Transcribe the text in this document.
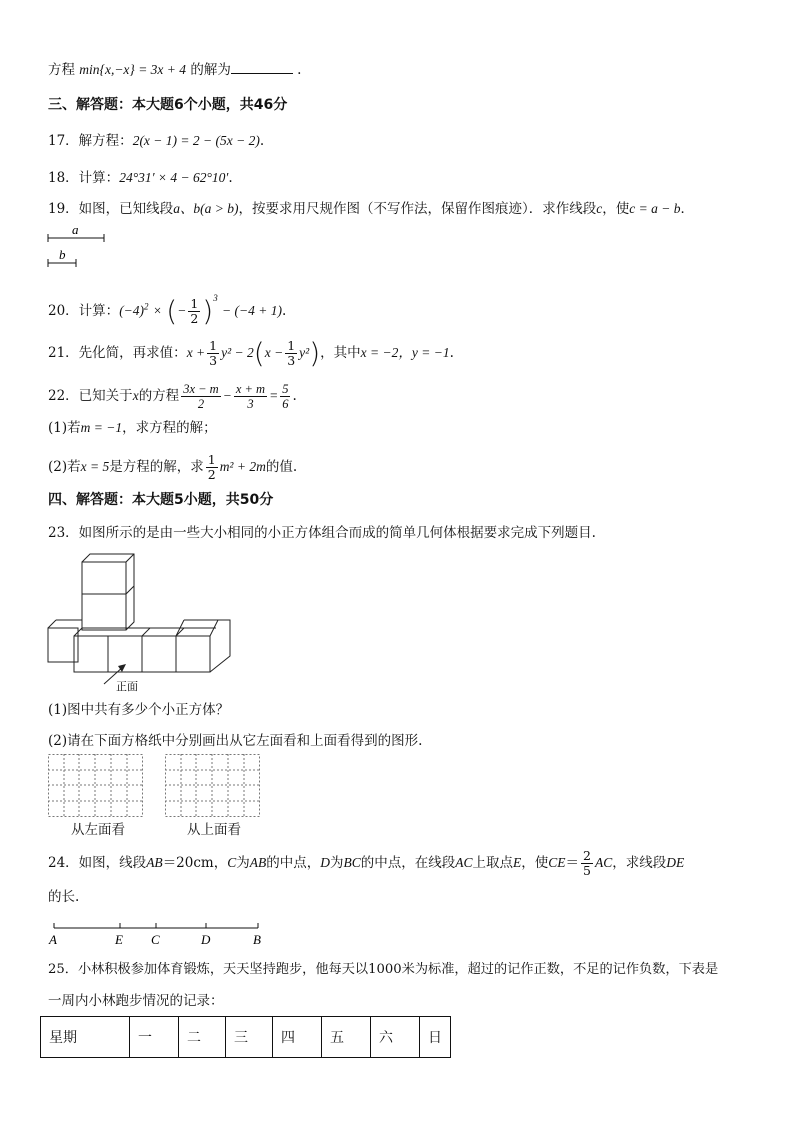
方程 min{x,−x} = 3x + 4 的解为	.
三、解答题：本大题6个小题，共46分
17．解方程：2(x − 1) = 2 − (5x − 2).
18．计算：24°31′ × 4 − 62°10′.
19．如图，已知线段a、b(a > b)，按要求用尺规作图（不写作法，保留作图痕迹）．求作线段c，使c = a − b．
a
b
20．计算：$(-4)^2$ × (− $\frac{1}{2} )^3 - (-4 + 1)$.
21．先化简，再求值：$x + \frac{1}{3} y^2 - 2(x - \frac{1}{3} y^2)$，其中x = −2，y = −1.
22．已知关于x的方程 $\frac{3x - m}{2} - \frac{x + m}{3} = \frac{5}{6}$ .
(1)若m = −1，求方程的解；
(2)若x = 5是方程的解，求 $\frac{1}{2} m^2 + 2m$的值.
四、解答题：本大题5小题，共50分
23．如图所示的是由一些大小相同的小正方体组合而成的简单几何体根据要求完成下列题目.
正面
(1)图中共有多少个小正方体？
(2)请在下面方格纸中分别画出从它左面看和上面看得到的图形.
从左面看	从上面看
24．如图，线段AB＝20cm，C为AB的中点，D为BC的中点，在线段AC上取点E，使$CE= \frac{2}{5}$ AC，求线段DE
的长.
A	E C	D	B
25．小林积极参加体育锻炼，天天坚持跑步，他每天以1000米为标准，超过的记作正数，不足的记作负数，下表是
一周内小林跑步情况的记录：
星期	一	二	三	四	五	六	日
